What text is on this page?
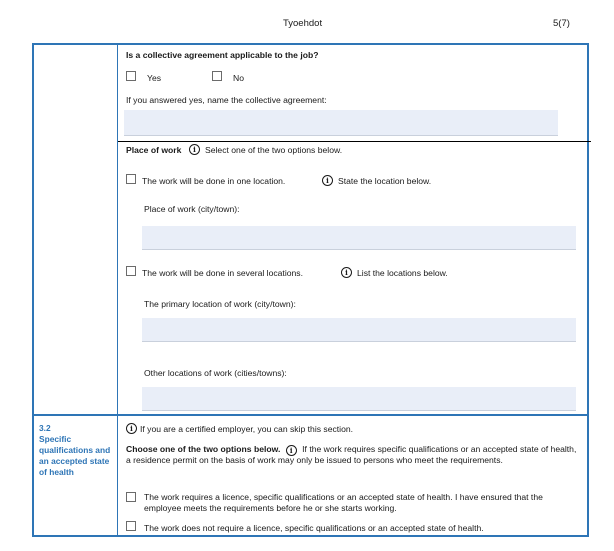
Tyoehdot	5(7)
Is a collective agreement applicable to the job?
Yes	No
If you answered yes, name the collective agreement:
Place of work	i	Select one of the two options below.
The work will be done in one location.	i	State the location below.
Place of work (city/town):
The work will be done in several locations.	i	List the locations below.
The primary location of work (city/town):
Other locations of work (cities/towns):
3.2
Specific qualifications and an accepted state of health
i If you are a certified employer, you can skip this section.
Choose one of the two options below. i If the work requires specific qualifications or an accepted state of health, a residence permit on the basis of work may only be issued to persons who meet the requirements.
The work requires a licence, specific qualifications or an accepted state of health. I have ensured that the employee meets the requirements before he or she starts working.
The work does not require a licence, specific qualifications or an accepted state of health.
